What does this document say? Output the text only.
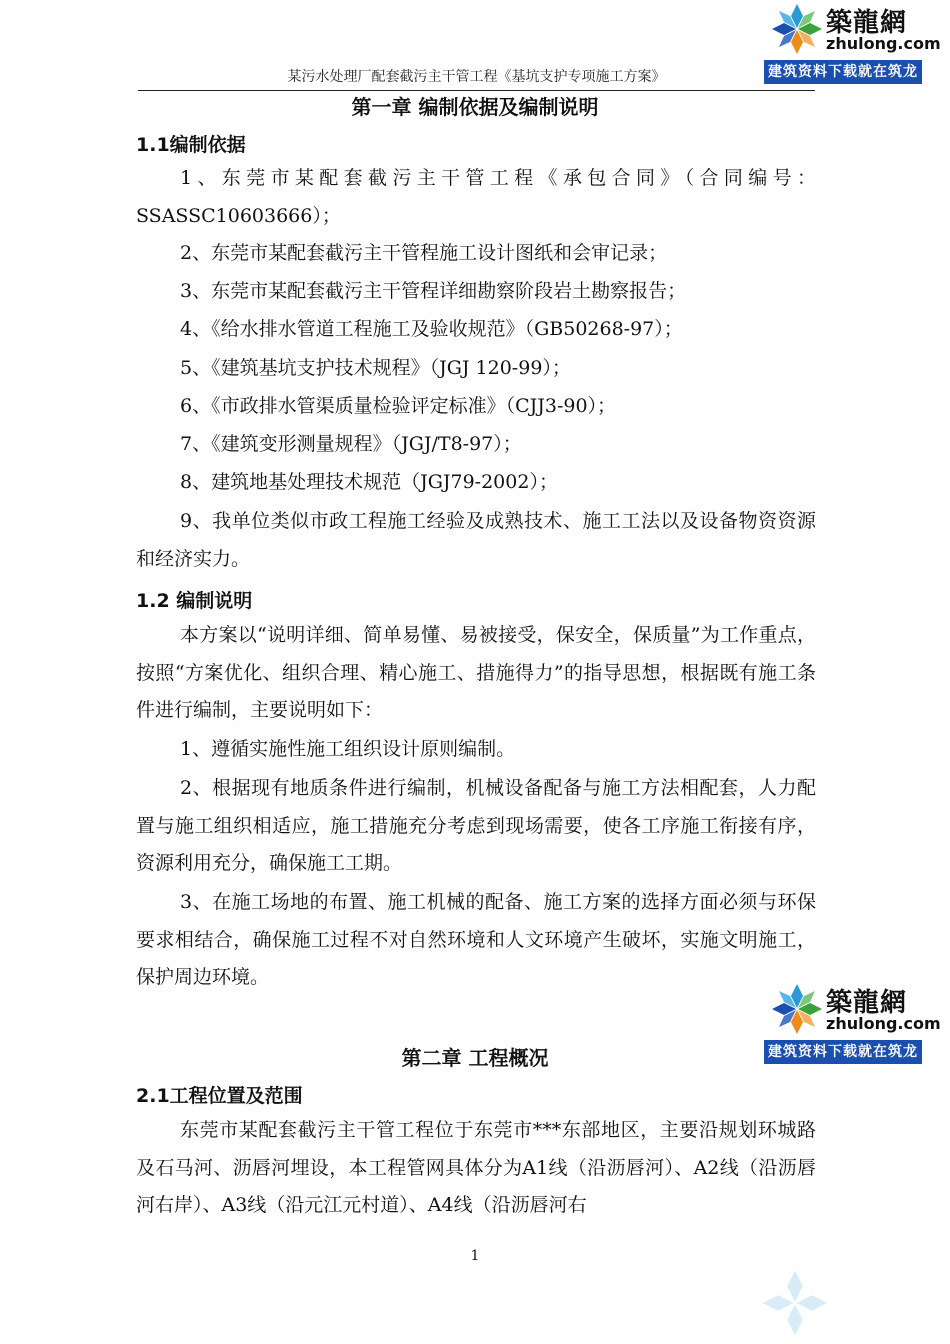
築龍網
zhulong.com
建筑资料下载就在筑龙网
某污水处理厂配套截污主干管工程《基坑支护专项施工方案》
第一章 编制依据及编制说明
1.1编制依据
1、东莞市某配套截污主干管工程《承包合同》（合同编号：SSASSC10603666）；
2、东莞市某配套截污主干管程施工设计图纸和会审记录；
3、东莞市某配套截污主干管程详细勘察阶段岩土勘察报告；
4、《给水排水管道工程施工及验收规范》（GB50268-97）；
5、《建筑基坑支护技术规程》（JGJ 120-99）；
6、《市政排水管渠质量检验评定标准》（CJJ3-90）；
7、《建筑变形测量规程》（JGJ/T8-97）；
8、建筑地基处理技术规范（JGJ79-2002）；
9、我单位类似市政工程施工经验及成熟技术、施工工法以及设备物资资源和经济实力。
1.2 编制说明
本方案以“说明详细、简单易懂、易被接受，保安全，保质量”为工作重点，按照“方案优化、组织合理、精心施工、措施得力”的指导思想，根据既有施工条件进行编制，主要说明如下：
1、遵循实施性施工组织设计原则编制。
2、根据现有地质条件进行编制，机械设备配备与施工方法相配套，人力配置与施工组织相适应，施工措施充分考虑到现场需要，使各工序施工衔接有序，资源利用充分，确保施工工期。
3、在施工场地的布置、施工机械的配备、施工方案的选择方面必须与环保要求相结合，确保施工过程不对自然环境和人文环境产生破坏，实施文明施工，保护周边环境。
築龍網
zhulong.com
建筑资料下载就在筑龙网
第二章 工程概况
2.1工程位置及范围
东莞市某配套截污主干管工程位于东莞市***东部地区，主要沿规划环城路及石马河、沥唇河埋设，本工程管网具体分为A1线（沿沥唇河）、A2线（沿沥唇河右岸）、A3线（沿元江元村道）、A4线（沿沥唇河右
1
